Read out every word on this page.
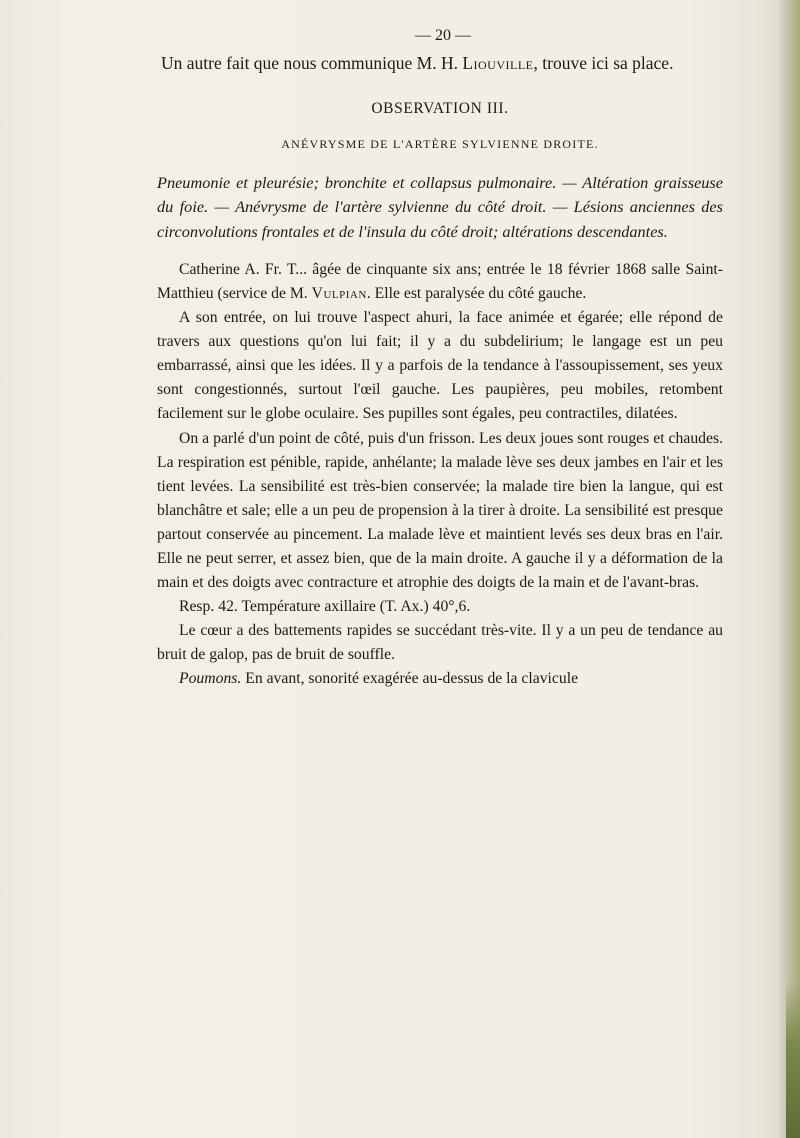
— 20 —
Un autre fait que nous communique M. H. Liouville, trouve ici sa place.
OBSERVATION III.
ANÉVRYSME DE L'ARTÈRE SYLVIENNE DROITE.
Pneumonie et pleurésie; bronchite et collapsus pulmonaire. — Altération graisseuse du foie. — Anévrysme de l'artère sylvienne du côté droit. — Lésions anciennes des circonvolutions frontales et de l'insula du côté droit; altérations descendantes.

Catherine A. Fr. T... âgée de cinquante six ans; entrée le 18 février 1868 salle Saint-Matthieu (service de M. Vulpian. Elle est paralysée du côté gauche.

A son entrée, on lui trouve l'aspect ahuri, la face animée et égarée; elle répond de travers aux questions qu'on lui fait; il y a du subdelirium; le langage est un peu embarrassé, ainsi que les idées. Il y a parfois de la tendance à l'assoupissement, ses yeux sont congestionnés, surtout l'œil gauche. Les paupières, peu mobiles, retombent facilement sur le globe oculaire. Ses pupilles sont égales, peu contractiles, dilatées.

On a parlé d'un point de côté, puis d'un frisson. Les deux joues sont rouges et chaudes. La respiration est pénible, rapide, anhélante; la malade lève ses deux jambes en l'air et les tient levées. La sensibilité est très-bien conservée; la malade tire bien la langue, qui est blanchâtre et sale; elle a un peu de propension à la tirer à droite. La sensibilité est presque partout conservée au pincement. La malade lève et maintient levés ses deux bras en l'air. Elle ne peut serrer, et assez bien, que de la main droite. A gauche il y a déformation de la main et des doigts avec contracture et atrophie des doigts de la main et de l'avant-bras.

Resp. 42. Température axillaire (T. Ax.) 40°,6.

Le cœur a des battements rapides se succédant très-vite. Il y a un peu de tendance au bruit de galop, pas de bruit de souffle.

Poumons. En avant, sonorité exagérée au-dessus de la clavicule
